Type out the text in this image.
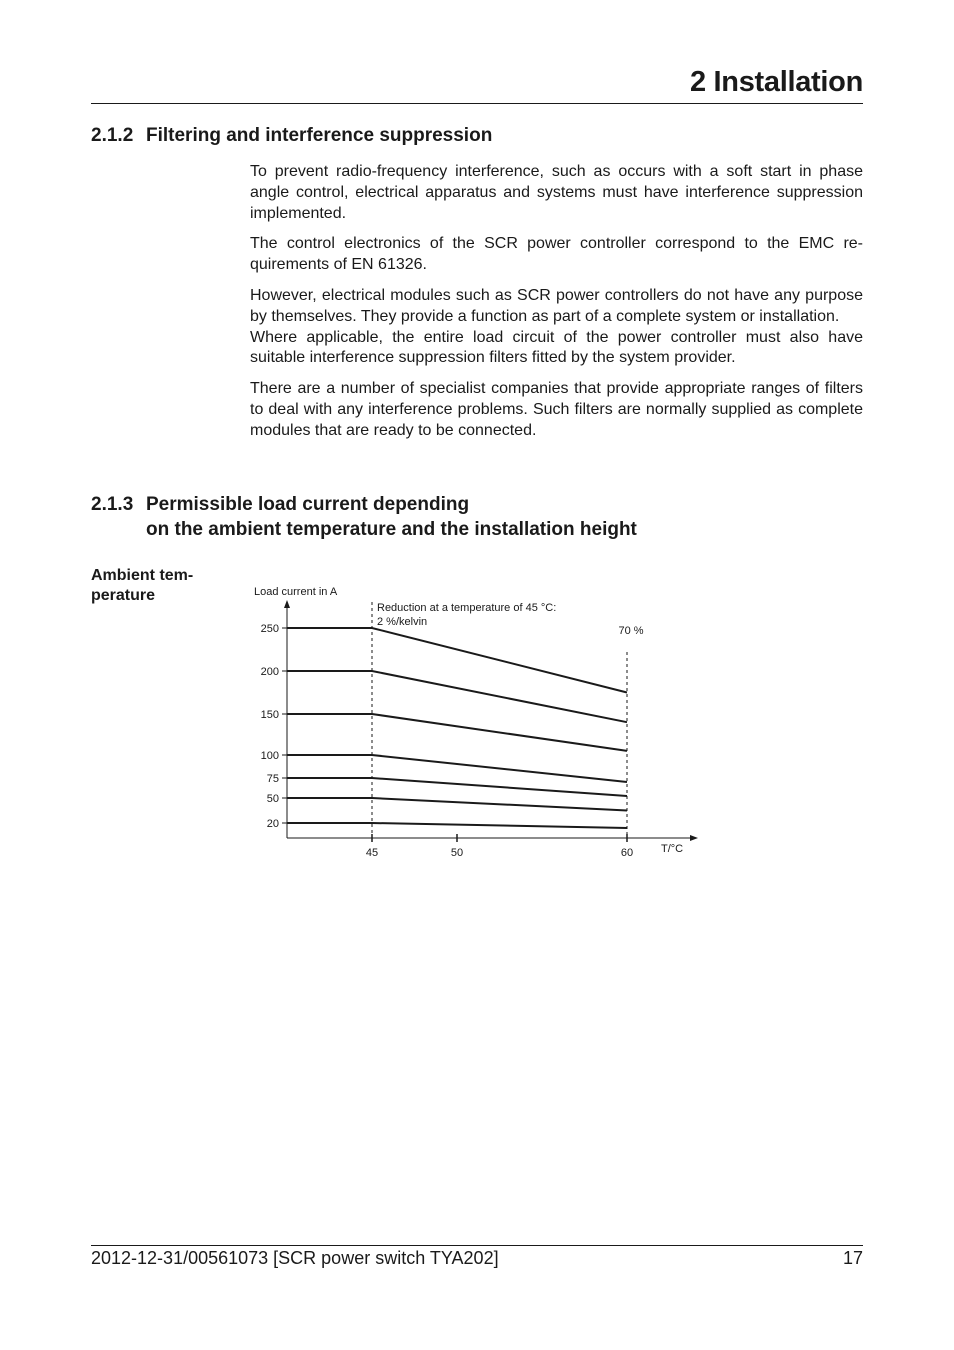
2 Installation
2.1.2 Filtering and interference suppression

To prevent radio-frequency interference, such as occurs with a soft start in phase angle control, electrical apparatus and systems must have interference suppression implemented.

The control electronics of the SCR power controller correspond to the EMC requirements of EN 61326.

However, electrical modules such as SCR power controllers do not have any purpose by themselves. They provide a function as part of a complete system or installation.

Where applicable, the entire load circuit of the power controller must also have suitable interference suppression filters fitted by the system provider.

There are a number of specialist companies that provide appropriate ranges of filters to deal with any interference problems. Such filters are normally supplied as complete modules that are ready to be connected.

2.1.3 Permissible load current depending
on the ambient temperature and the installation height

Ambient tem-
perature	Load current in A
T/°C
20
50
75
100
150
200
250
45	50	60
Reduction at a temperature of 45 °C:
2 %/kelvin
70 %
2012-12-31/00561073 [SCR power switch TYA202]	17
